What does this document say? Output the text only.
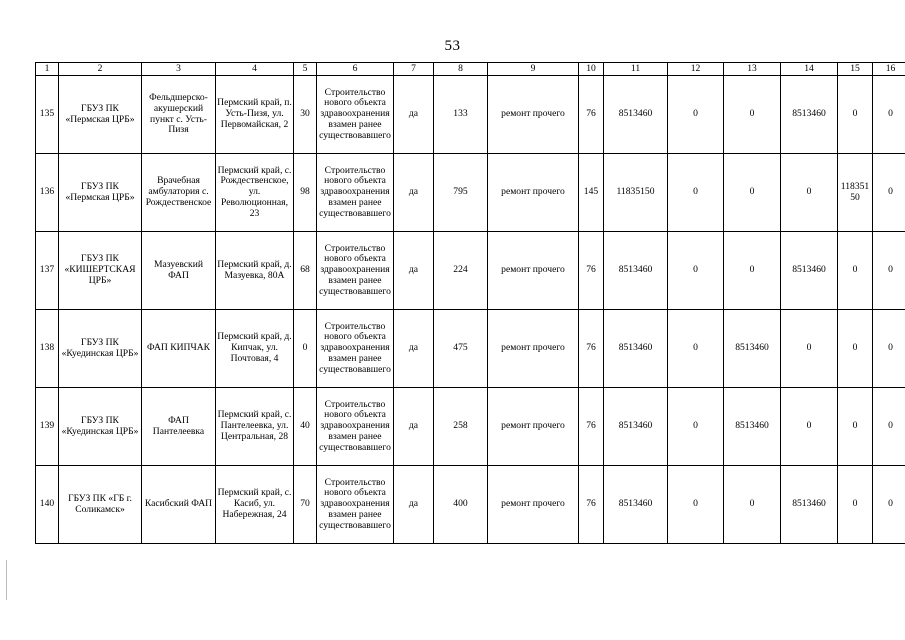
53
1	2	3	4	5	6	7	8	9	10	11	12	13	14	15	16
135	ГБУЗ ПК «Пермская ЦРБ»	Фельдшерско-акушерский пункт с. Усть-Пизя	Пермский край, п. Усть-Пизя, ул. Первомайская, 2	30	Строительство нового объекта здравоохранения взамен ранее существовавшего	да	133	ремонт прочего	76	8513460	0	0	8513460	0	0
136	ГБУЗ ПК «Пермская ЦРБ»	Врачебная амбулатория с. Рождественское	Пермский край, с. Рождественское, ул. Революционная, 23	98	Строительство нового объекта здравоохранения взамен ранее существовавшего	да	795	ремонт прочего	145	11835150	0	0	0	11835150	0
137	ГБУЗ ПК «КИШЕРТСКАЯ ЦРБ»	Мазуевский ФАП	Пермский край, д. Мазуевка, 80А	68	Строительство нового объекта здравоохранения взамен ранее существовавшего	да	224	ремонт прочего	76	8513460	0	0	8513460	0	0
138	ГБУЗ ПК «Куединская ЦРБ»	ФАП КИПЧАК	Пермский край, д. Кипчак, ул. Почтовая, 4	0	Строительство нового объекта здравоохранения взамен ранее существовавшего	да	475	ремонт прочего	76	8513460	0	8513460	0	0	0
139	ГБУЗ ПК «Куединская ЦРБ»	ФАП Пантелеевка	Пермский край, с. Пантелеевка, ул. Центральная, 28	40	Строительство нового объекта здравоохранения взамен ранее существовавшего	да	258	ремонт прочего	76	8513460	0	8513460	0	0	0
140	ГБУЗ ПК «ГБ г. Соликамск»	Касибский ФАП	Пермский край, с. Касиб, ул. Набережная, 24	70	Строительство нового объекта здравоохранения взамен ранее существовавшего	да	400	ремонт прочего	76	8513460	0	0	8513460	0	0
